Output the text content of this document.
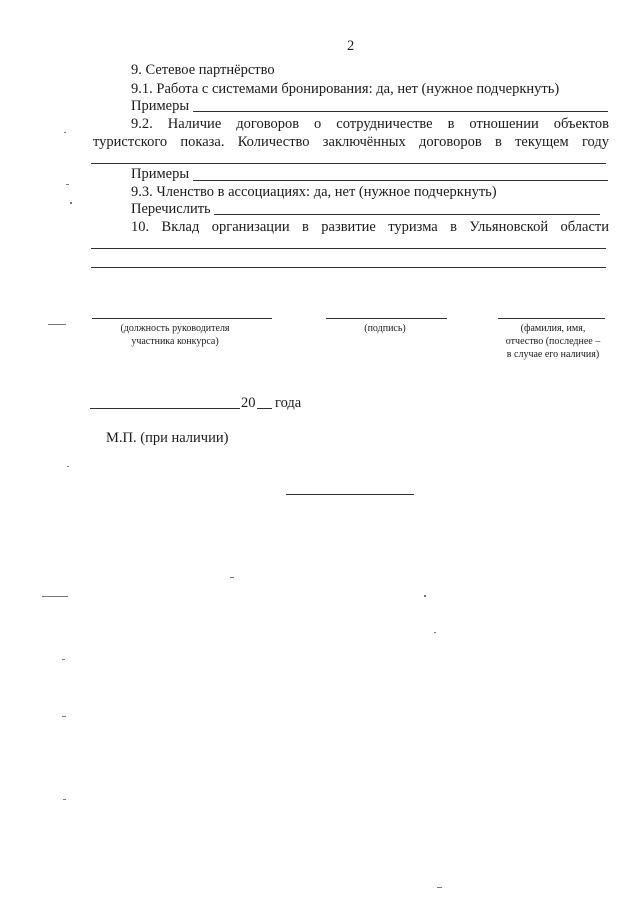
2
9. Сетевое партнёрство
9.1. Работа с системами бронирования: да, нет (нужное подчеркнуть)
Примеры
9.2. Наличие договоров о сотрудничестве в отношении объектов
туристского показа. Количество заключённых договоров в текущем году
Примеры
9.3. Членство в ассоциациях: да, нет (нужное подчеркнуть)
Перечислить
10. Вклад организации в развитие туризма в Ульяновской области
(должность руководителя
участника конкурса)
(подпись)	(фамилия, имя,
отчество (последнее –
в случае его наличия)
20 года
М.П. (при наличии)
